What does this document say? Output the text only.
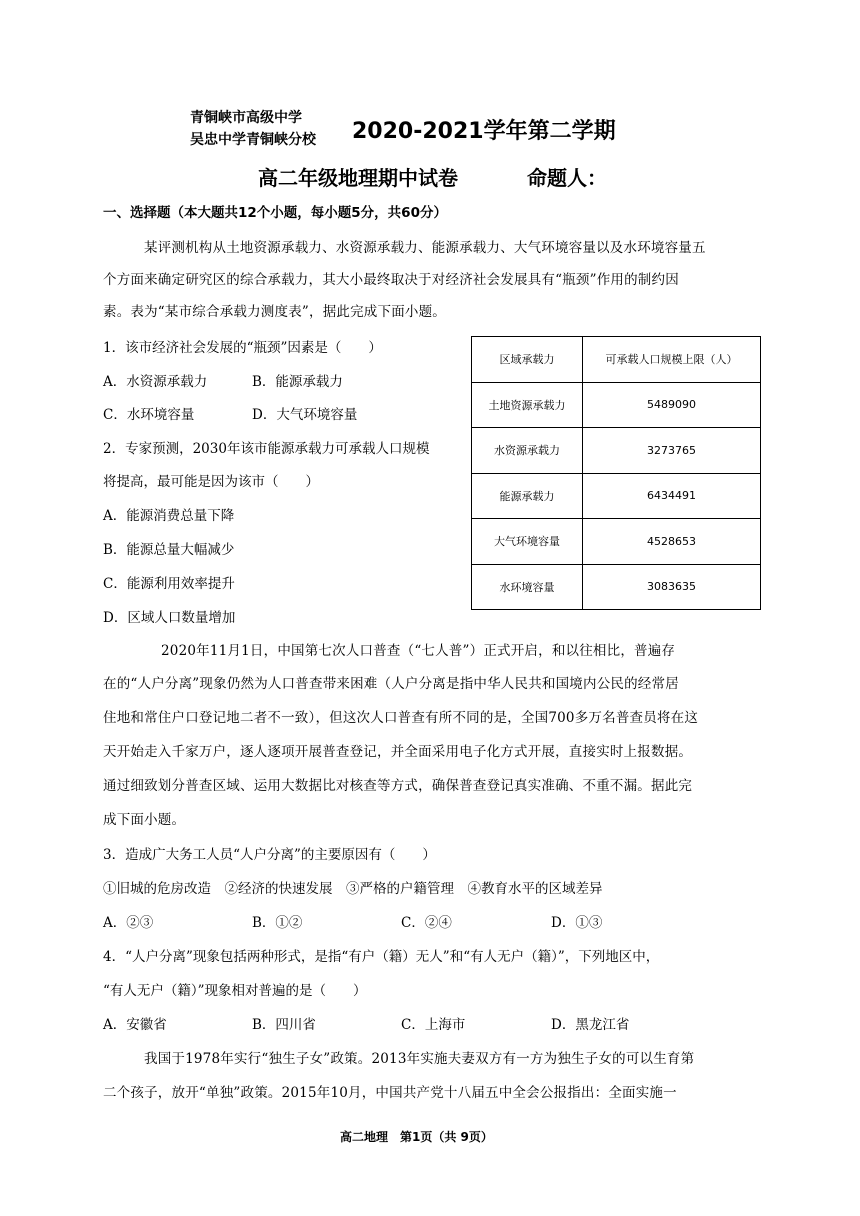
青铜峡市高级中学
吴忠中学青铜峡分校 2020-2021学年第二学期
高二年级地理期中试卷	命题人：
一、选择题（本大题共12个小题，每小题5分，共60分）
某评测机构从土地资源承载力、水资源承载力、能源承载力、大气环境容量以及水环境容量五
个方面来确定研究区的综合承载力，其大小最终取决于对经济社会发展具有“瓶颈”作用的制约因
素。表为“某市综合承载力测度表”，据此完成下面小题。
1．该市经济社会发展的“瓶颈”因素是（　　）
A．水资源承载力	B．能源承载力
C．水环境容量	D．大气环境容量
2．专家预测，2030年该市能源承载力可承载人口规模
将提高，最可能是因为该市（　　）
A．能源消费总量下降
B．能源总量大幅减少
C．能源利用效率提升
D．区域人口数量增加
区域承载力	可承载人口规模上限（人）
土地资源承载力	5489090
水资源承载力	3273765
能源承载力	6434491
大气环境容量	4528653
水环境容量	3083635
2020年11月1日，中国第七次人口普查（“七人普”）正式开启，和以往相比，普遍存
在的“人户分离”现象仍然为人口普查带来困难（人户分离是指中华人民共和国境内公民的经常居
住地和常住户口登记地二者不一致），但这次人口普查有所不同的是，全国700多万名普查员将在这
天开始走入千家万户，逐人逐项开展普查登记，并全面采用电子化方式开展，直接实时上报数据。
通过细致划分普查区域、运用大数据比对核查等方式，确保普查登记真实准确、不重不漏。据此完
成下面小题。
3．造成广大务工人员“人户分离”的主要原因有（　　）
①旧城的危房改造　②经济的快速发展　③严格的户籍管理　④教育水平的区域差异
A．②③	B．①②	C．②④	D．①③
4．“人户分离”现象包括两种形式，是指“有户（籍）无人”和“有人无户（籍）”，下列地区中，
“有人无户（籍）”现象相对普遍的是（　　）
A．安徽省	B．四川省	C．上海市	D．黑龙江省
我国于1978年实行“独生子女”政策。2013年实施夫妻双方有一方为独生子女的可以生育第
二个孩子，放开“单独”政策。2015年10月，中国共产党十八届五中全会公报指出：全面实施一
高二地理　第1页（共 9页）
